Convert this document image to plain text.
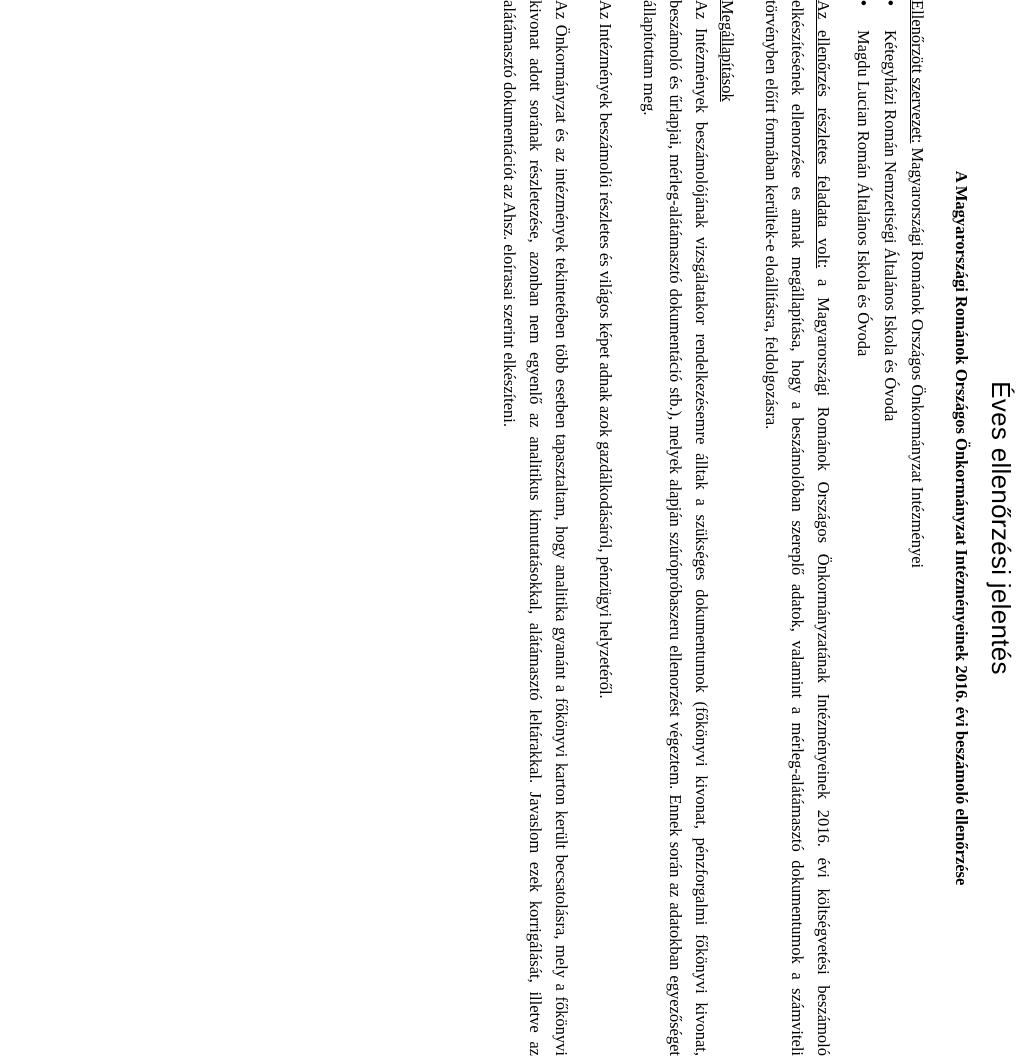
Éves ellenőrzési jelentés
A Magyarországi Románok Országos Önkormányzat Intézményeinek 2016. évi beszámoló ellenőrzése
Ellenőrzött szervezet: Magyarországi Románok Országos Önkormányzat Intézményei
•
Kétegyházi Román Nemzetiségi Általános Iskola és Óvoda
•
Magdu Lucian Román Általános Iskola és Óvoda
Az ellenőrzés részletes feladata volt: a Magyarországi Románok Országos Önkormányzatának Intézményeinek 2016. évi költségvetési beszámoló elkészítésének ellenorzése es annak megállapítása, hogy a beszámolóban szereplő adatok, valamint a mérleg-alátámasztó dokumentumok a számviteli törvényben előírt formában kerültek-e eloállításra, feldolgozásra.
Megállapítások
Az Intézmények beszámolójának vizsgálatakor rendelkezésemre álltak a szükséges dokumentumok (főkönyvi kivonat, pénzforgalmi főkönyvi kivonat, beszámoló és űrlapjai, mérleg-alátámasztó dokumentáció stb.), melyek alapján szúrópróbaszeru ellenorzést végeztem. Ennek során az adatokban egyezőséget állapítottam meg.
Az Intézmények beszámolói részletes és világos képet adnak azok gazdálkodásáról, pénzügyi helyzetéről.
Az Önkormányzat és az intézmények tekintetében több esetben tapasztaltam, hogy analitika gyanánt a főkönyvi karton került becsatolásra, mely a főkönyvi kivonat adott sorának részletezése, azonban nem egyenlő az analitikus kimutatásokkal, alátámasztó leltárakkal. Javaslom ezek korrigálását, illetve az alátámasztó dokumentációt az Ahsz. eloírasai szerint elkészíteni.
